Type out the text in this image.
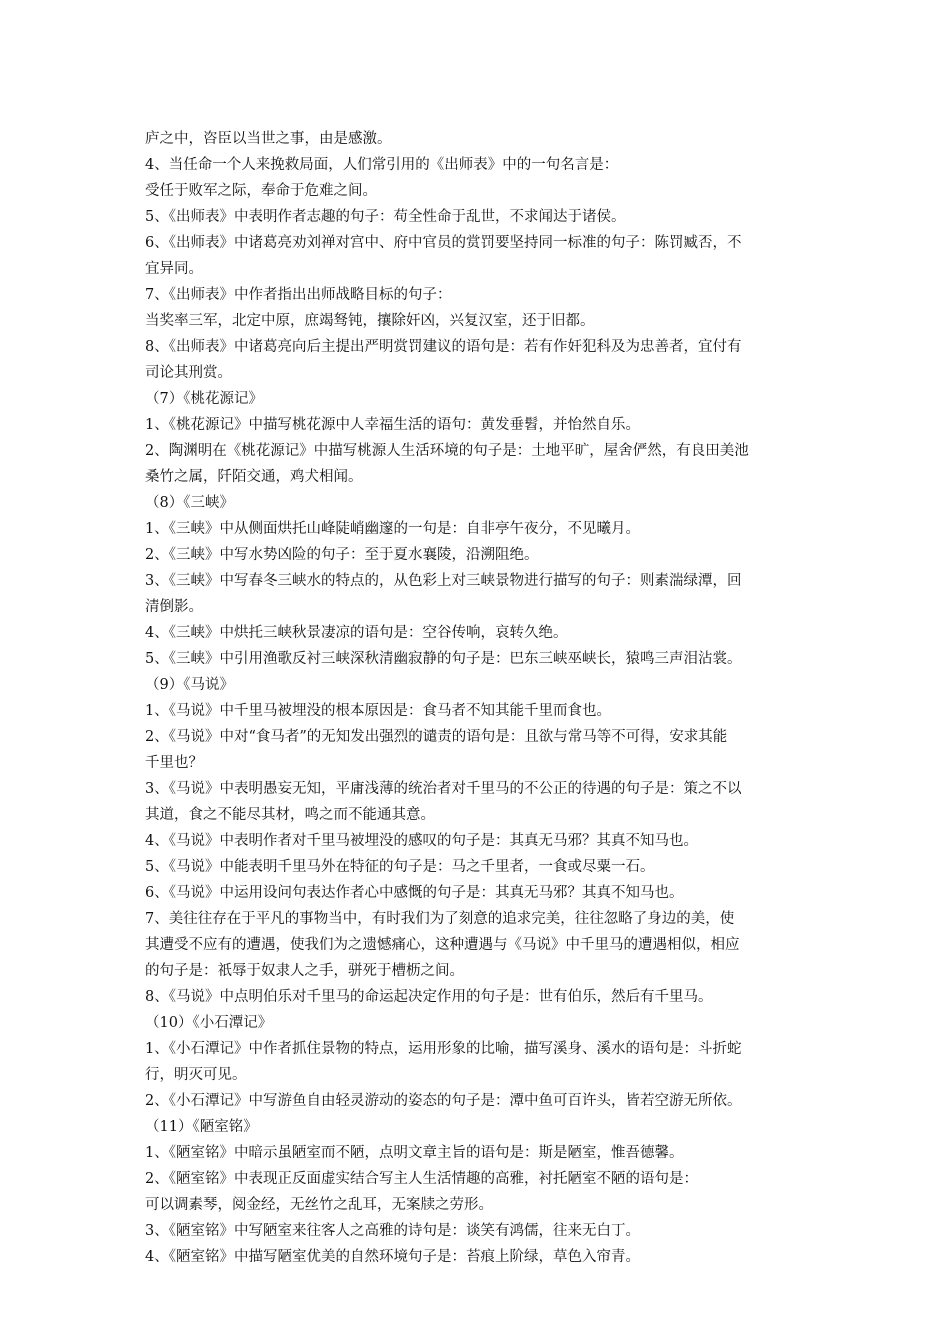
庐之中，咨臣以当世之事，由是感激。
4、当任命一个人来挽救局面，人们常引用的《出师表》中的一句名言是：
受任于败军之际，奉命于危难之间。
5、《出师表》中表明作者志趣的句子：苟全性命于乱世，不求闻达于诸侯。
6、《出师表》中诸葛亮劝刘禅对宫中、府中官员的赏罚要坚持同一标准的句子：陈罚臧否，不
宜异同。
7、《出师表》中作者指出出师战略目标的句子：
当奖率三军，北定中原，庶竭驽钝，攘除奸凶，兴复汉室，还于旧都。
8、《出师表》中诸葛亮向后主提出严明赏罚建议的语句是：若有作奸犯科及为忠善者，宜付有
司论其刑赏。
（7）《桃花源记》
1、《桃花源记》中描写桃花源中人幸福生活的语句：黄发垂髫，并怡然自乐。
2、陶渊明在《桃花源记》中描写桃源人生活环境的句子是：土地平旷，屋舍俨然，有良田美池
桑竹之属，阡陌交通，鸡犬相闻。
（8）《三峡》
1、《三峡》中从侧面烘托山峰陡峭幽邃的一句是：自非亭午夜分，不见曦月。
2、《三峡》中写水势凶险的句子：至于夏水襄陵，沿溯阻绝。
3、《三峡》中写春冬三峡水的特点的，从色彩上对三峡景物进行描写的句子：则素湍绿潭，回
清倒影。
4、《三峡》中烘托三峡秋景凄凉的语句是：空谷传响，哀转久绝。
5、《三峡》中引用渔歌反衬三峡深秋清幽寂静的句子是：巴东三峡巫峡长，猿鸣三声泪沾裳。
（9）《马说》
1、《马说》中千里马被埋没的根本原因是：食马者不知其能千里而食也。
2、《马说》中对“食马者”的无知发出强烈的谴责的语句是：且欲与常马等不可得，安求其能
千里也？
3、《马说》中表明愚妄无知，平庸浅薄的统治者对千里马的不公正的待遇的句子是：策之不以
其道，食之不能尽其材，鸣之而不能通其意。
4、《马说》中表明作者对千里马被埋没的感叹的句子是：其真无马邪？其真不知马也。
5、《马说》中能表明千里马外在特征的句子是：马之千里者，一食或尽粟一石。
6、《马说》中运用设问句表达作者心中感慨的句子是：其真无马邪？其真不知马也。
7、美往往存在于平凡的事物当中，有时我们为了刻意的追求完美，往往忽略了身边的美，使
其遭受不应有的遭遇，使我们为之遗憾痛心，这种遭遇与《马说》中千里马的遭遇相似，相应
的句子是：祇辱于奴隶人之手，骈死于槽枥之间。
8、《马说》中点明伯乐对千里马的命运起决定作用的句子是：世有伯乐，然后有千里马。
（10）《小石潭记》
1、《小石潭记》中作者抓住景物的特点，运用形象的比喻，描写溪身、溪水的语句是：斗折蛇
行，明灭可见。
2、《小石潭记》中写游鱼自由轻灵游动的姿态的句子是：潭中鱼可百许头，皆若空游无所依。
（11）《陋室铭》
1、《陋室铭》中暗示虽陋室而不陋，点明文章主旨的语句是：斯是陋室，惟吾德馨。
2、《陋室铭》中表现正反面虚实结合写主人生活情趣的高雅，衬托陋室不陋的语句是：
可以调素琴，阅金经，无丝竹之乱耳，无案牍之劳形。
3、《陋室铭》中写陋室来往客人之高雅的诗句是：谈笑有鸿儒，往来无白丁。
4、《陋室铭》中描写陋室优美的自然环境句子是：苔痕上阶绿，草色入帘青。
